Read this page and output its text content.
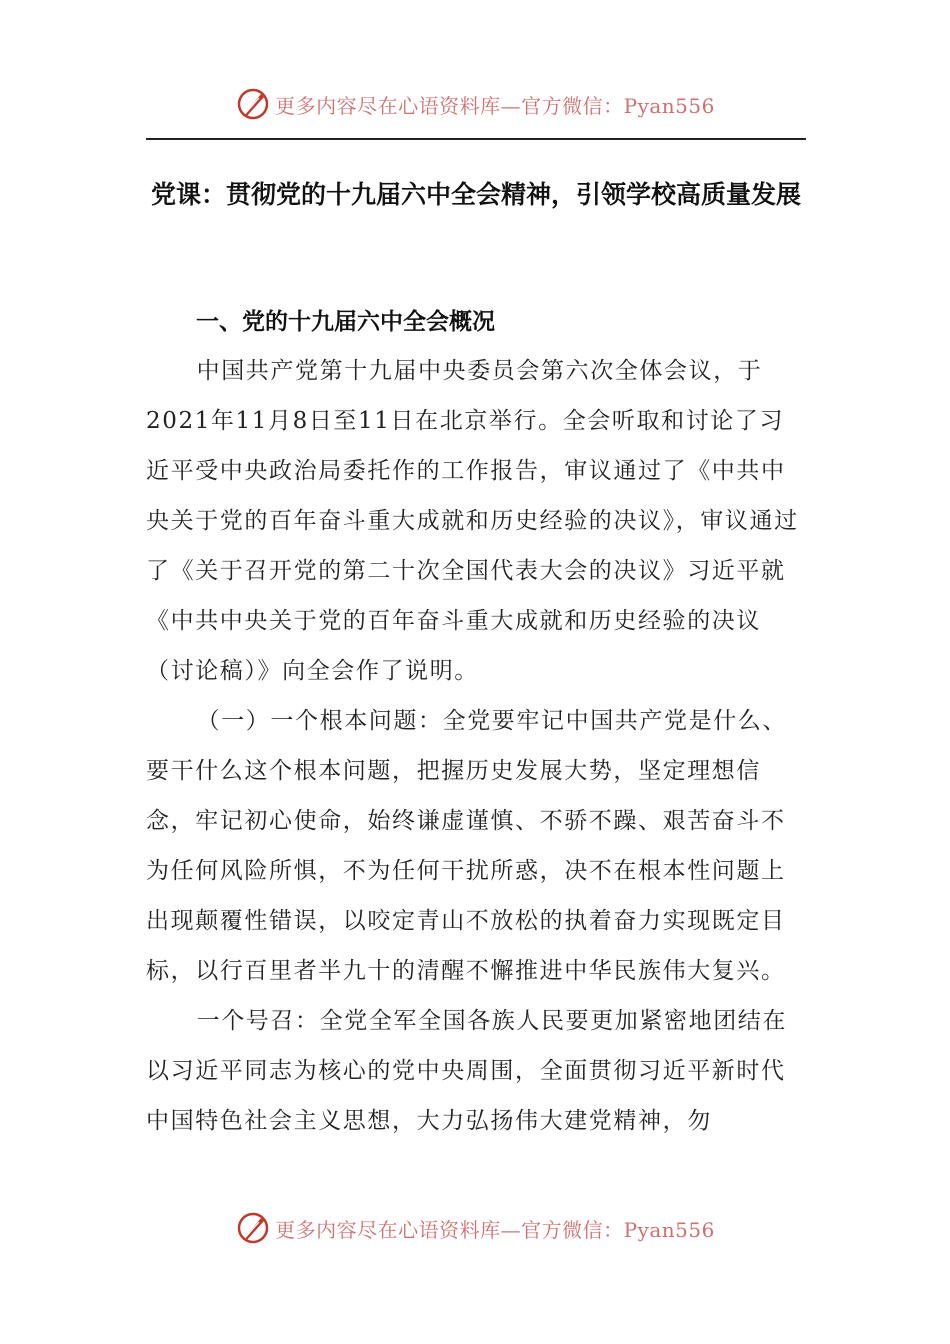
更多内容尽在心语资料库—官方微信：Pyan556
党课：贯彻党的十九届六中全会精神，引领学校高质量发展
一、党的十九届六中全会概况

中国共产党第十九届中央委员会第六次全体会议，于2021年11月8日至11日在北京举行。全会听取和讨论了习近平受中央政治局委托作的工作报告，审议通过了《中共中央关于党的百年奋斗重大成就和历史经验的决议》，审议通过了《关于召开党的第二十次全国代表大会的决议》习近平就《中共中央关于党的百年奋斗重大成就和历史经验的决议（讨论稿）》向全会作了说明。

（一）一个根本问题：全党要牢记中国共产党是什么、要干什么这个根本问题，把握历史发展大势，坚定理想信念，牢记初心使命，始终谦虚谨慎、不骄不躁、艰苦奋斗不为任何风险所惧，不为任何干扰所惑，决不在根本性问题上出现颠覆性错误，以咬定青山不放松的执着奋力实现既定目标，以行百里者半九十的清醒不懈推进中华民族伟大复兴。

一个号召：全党全军全国各族人民要更加紧密地团结在以习近平同志为核心的党中央周围，全面贯彻习近平新时代中国特色社会主义思想，大力弘扬伟大建党精神，勿

更多内容尽在心语资料库—官方微信：Pyan556
